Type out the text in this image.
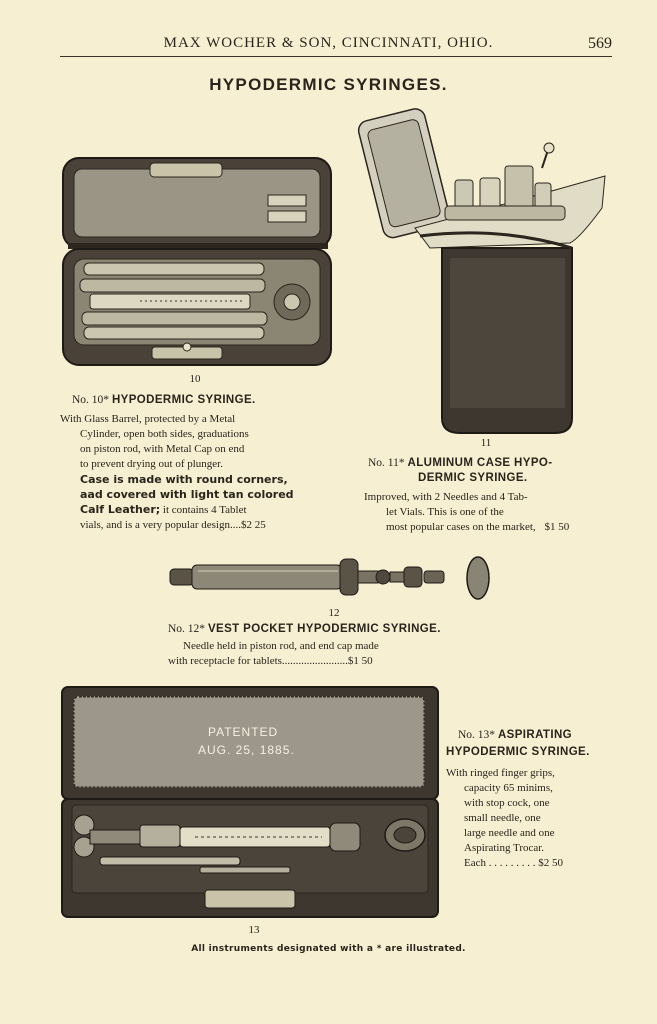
MAX WOCHER & SON, CINCINNATI, OHIO.	569
HYPODERMIC SYRINGES.
10
No. 10* HYPODERMIC SYRINGE.
With Glass Barrel, protected by a Metal
Cylinder, open both sides, graduations
on piston rod, with Metal Cap on end
to prevent drying out of plunger.
Case is made with round corners,
aad covered with light tan colored
Calf Leather; it contains 4 Tablet
vials, and is a very popular design....$2 25
11
No. 11* ALUMINUM CASE HYPO-
DERMIC SYRINGE.
Improved, with 2 Needles and 4 Tab-
let Vials. This is one of the
most popular cases on the market, $1 50
12
No. 12* VEST POCKET HYPODERMIC SYRINGE.
Needle held in piston rod, and end cap made
with receptacle for tablets........................$1 50
PATENTED
AUG. 25, 1885.
13
No. 13* ASPIRATING
HYPODERMIC SYRINGE.
With ringed finger grips,
capacity 65 minims,
with stop cock, one
small needle, one
large needle and one
Aspirating Trocar.
Each . . . . . . . . . $2 50
All instruments designated with a * are illustrated.
